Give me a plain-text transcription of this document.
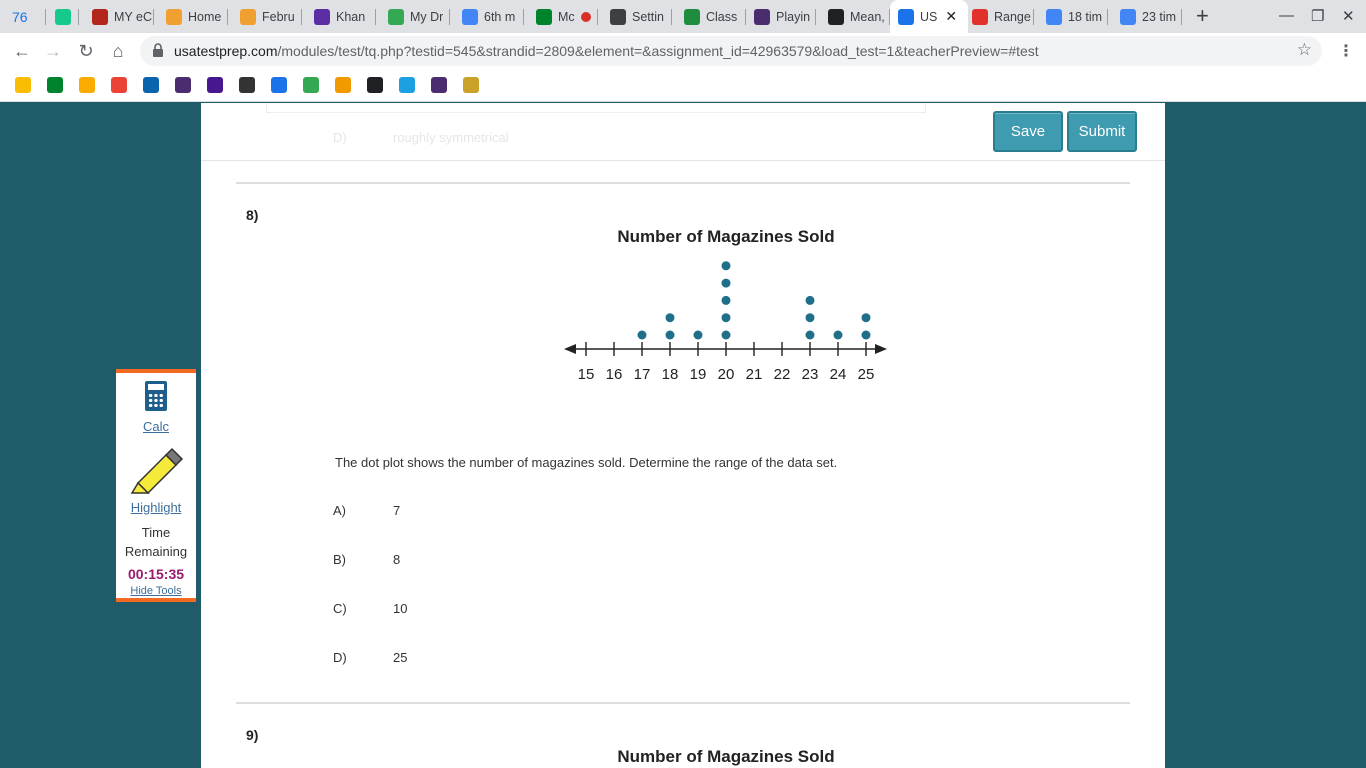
76	MY eC	Home	Febru	Khan	My Dr	6th m	Mc	Settin	Class	Playin	Mean,	US ✕	Range	18 tim	23 tim +	— ❐ ✕
← → ↻	⌂	usatestprep.com/modules/test/tq.php?testid=545&strandid=2809&element=&assignment_id=42963579&load_test=1&teacherPreview=#test	☆ ⋮
D)	roughly symmetrical	Save	Submit
8)
Number of Magazines Sold
15 16 17 18 19 20 21 22 23 24 25
The dot plot shows the number of magazines sold. Determine the range of the data set.
A)	7
B)	8
C)	10
D)	25
9)
Number of Magazines Sold
Calc
Highlight
Time
Remaining
00:15:35
Hide Tools
